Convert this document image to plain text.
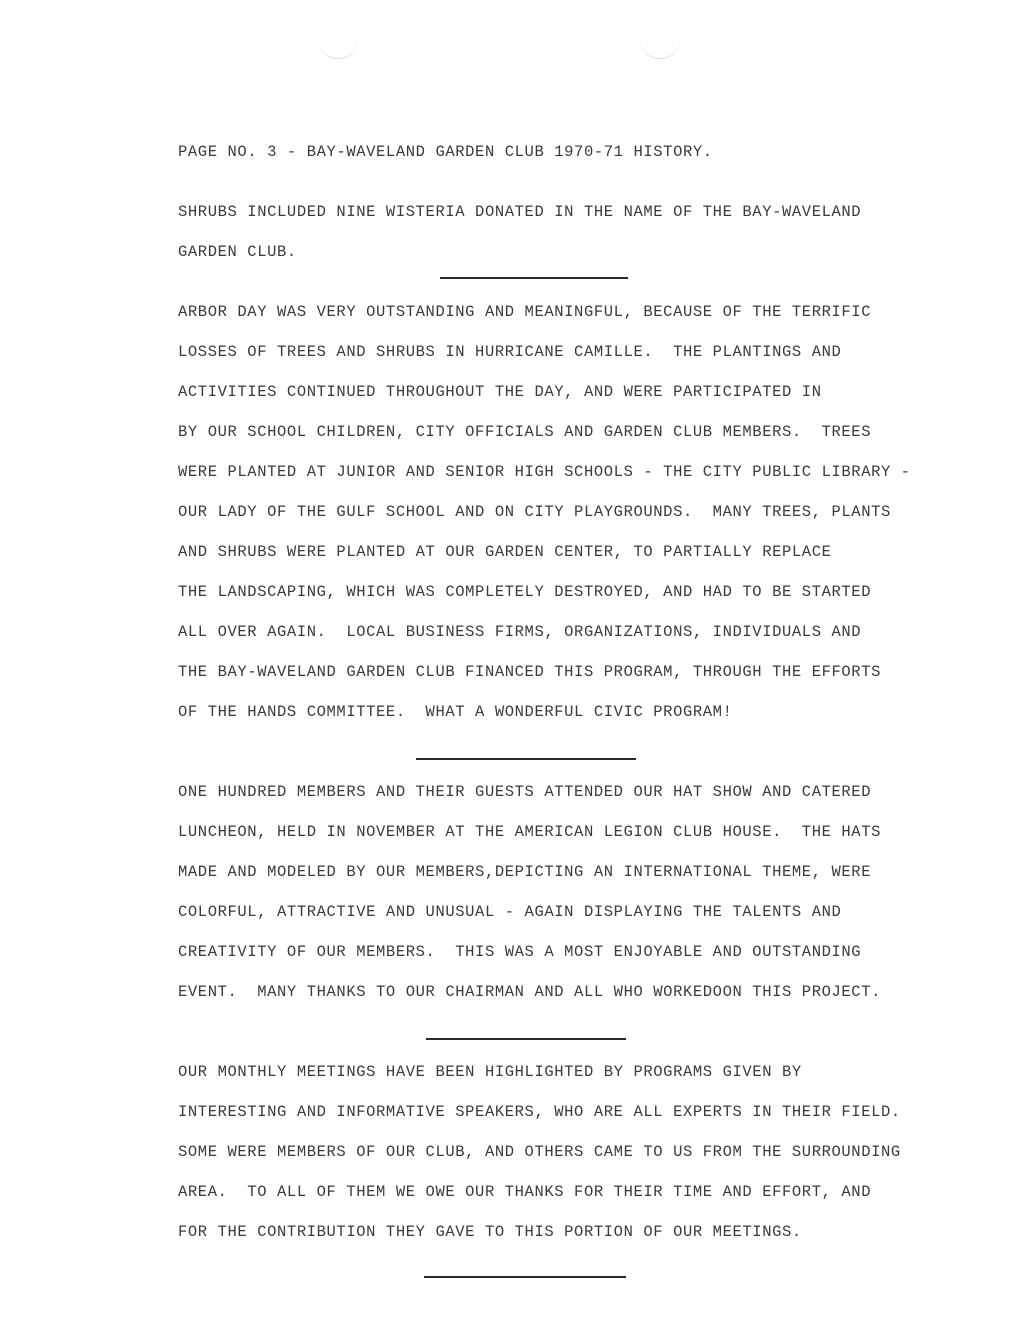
PAGE NO. 3 - BAY-WAVELAND GARDEN CLUB 1970-71 HISTORY.

SHRUBS INCLUDED NINE WISTERIA DONATED IN THE NAME OF THE BAY-WAVELAND

GARDEN CLUB.

ARBOR DAY WAS VERY OUTSTANDING AND MEANINGFUL, BECAUSE OF THE TERRIFIC

LOSSES OF TREES AND SHRUBS IN HURRICANE CAMILLE.  THE PLANTINGS AND

ACTIVITIES CONTINUED THROUGHOUT THE DAY, AND WERE PARTICIPATED IN

BY OUR SCHOOL CHILDREN, CITY OFFICIALS AND GARDEN CLUB MEMBERS.  TREES

WERE PLANTED AT JUNIOR AND SENIOR HIGH SCHOOLS - THE CITY PUBLIC LIBRARY -

OUR LADY OF THE GULF SCHOOL AND ON CITY PLAYGROUNDS.  MANY TREES, PLANTS

AND SHRUBS WERE PLANTED AT OUR GARDEN CENTER, TO PARTIALLY REPLACE

THE LANDSCAPING, WHICH WAS COMPLETELY DESTROYED, AND HAD TO BE STARTED

ALL OVER AGAIN.  LOCAL BUSINESS FIRMS, ORGANIZATIONS, INDIVIDUALS AND

THE BAY-WAVELAND GARDEN CLUB FINANCED THIS PROGRAM, THROUGH THE EFFORTS

OF THE HANDS COMMITTEE.  WHAT A WONDERFUL CIVIC PROGRAM!

ONE HUNDRED MEMBERS AND THEIR GUESTS ATTENDED OUR HAT SHOW AND CATERED

LUNCHEON, HELD IN NOVEMBER AT THE AMERICAN LEGION CLUB HOUSE.  THE HATS

MADE AND MODELED BY OUR MEMBERS,DEPICTING AN INTERNATIONAL THEME, WERE

COLORFUL, ATTRACTIVE AND UNUSUAL - AGAIN DISPLAYING THE TALENTS AND

CREATIVITY OF OUR MEMBERS.  THIS WAS A MOST ENJOYABLE AND OUTSTANDING

EVENT.  MANY THANKS TO OUR CHAIRMAN AND ALL WHO WORKEDOON THIS PROJECT.

OUR MONTHLY MEETINGS HAVE BEEN HIGHLIGHTED BY PROGRAMS GIVEN BY

INTERESTING AND INFORMATIVE SPEAKERS, WHO ARE ALL EXPERTS IN THEIR FIELD.

SOME WERE MEMBERS OF OUR CLUB, AND OTHERS CAME TO US FROM THE SURROUNDING

AREA.  TO ALL OF THEM WE OWE OUR THANKS FOR THEIR TIME AND EFFORT, AND

FOR THE CONTRIBUTION THEY GAVE TO THIS PORTION OF OUR MEETINGS.
